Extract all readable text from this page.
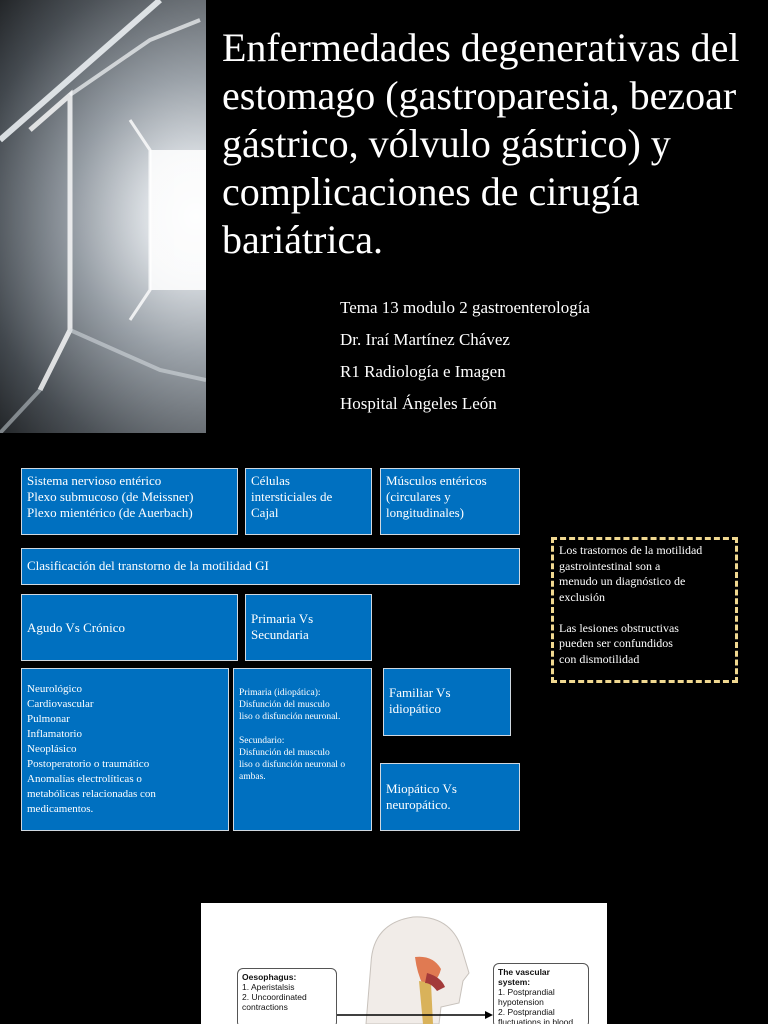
Enfermedades degenerativas del estomago (gastroparesia, bezoar gástrico, vólvulo gástrico) y complicaciones de cirugía bariátrica.
Tema 13 modulo 2 gastroenterología
Dr. Iraí Martínez Chávez
R1 Radiología e Imagen
Hospital Ángeles León
Sistema nervioso entérico
Plexo submucoso (de Meissner)
Plexo mientérico (de Auerbach)
Células
intersticiales de
Cajal
Músculos entéricos
(circulares y
longitudinales)
Clasificación del transtorno de la motilidad GI
Agudo Vs Crónico
Primaria Vs
Secundaria
Neurológico
Cardiovascular
Pulmonar
Inflamatorio
Neoplásico
Postoperatorio o traumático
Anomalías electrolíticas o
metabólicas relacionadas con
medicamentos.
Primaria (idiopática):
Disfunción del musculo
liso o disfunción neuronal.

Secundario:
Disfunción del musculo
liso o disfunción neuronal o
ambas.
Familiar Vs
idiopático
Miopático Vs
neuropático.
Los trastornos de la motilidad
gastrointestinal son a
menudo un diagnóstico de
exclusión

Las lesiones obstructivas
pueden ser confundidos
con dismotilidad
Oesophagus:
1. Aperistalsis
2. Uncoordinated
contractions
The vascular system:
1. Postprandial
hypotension
2. Postprandial
fluctuations in blood
